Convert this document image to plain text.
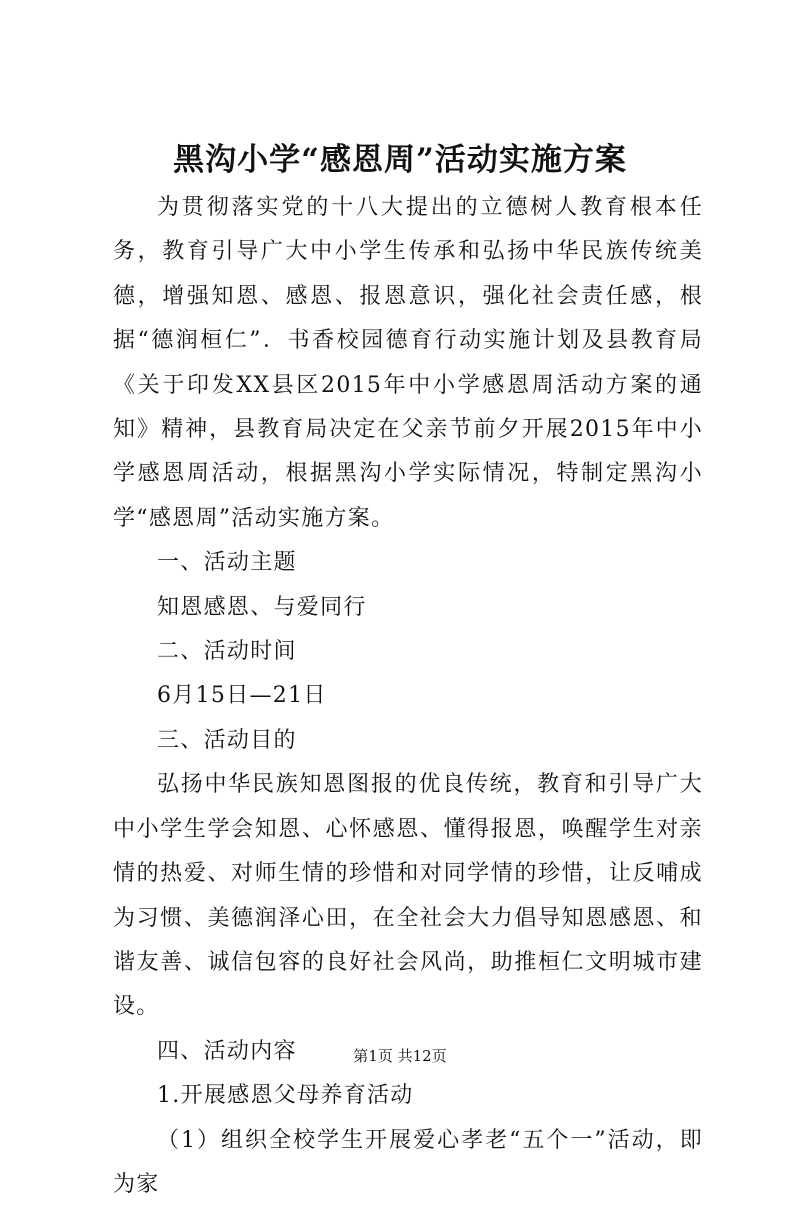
黑沟小学“感恩周”活动实施方案

为贯彻落实党的十八大提出的立德树人教育根本任务，教育引导广大中小学生传承和弘扬中华民族传统美德，增强知恩、感恩、报恩意识，强化社会责任感，根据“德润桓仁”．书香校园德育行动实施计划及县教育局《关于印发XX县区2015年中小学感恩周活动方案的通知》精神，县教育局决定在父亲节前夕开展2015年中小学感恩周活动，根据黑沟小学实际情况，特制定黑沟小学“感恩周”活动实施方案。

一、活动主题

知恩感恩、与爱同行

二、活动时间

6月15日—21日

三、活动目的

弘扬中华民族知恩图报的优良传统，教育和引导广大中小学生学会知恩、心怀感恩、懂得报恩，唤醒学生对亲情的热爱、对师生情的珍惜和对同学情的珍惜，让反哺成为习惯、美德润泽心田，在全社会大力倡导知恩感恩、和谐友善、诚信包容的良好社会风尚，助推桓仁文明城市建设。

四、活动内容

1.开展感恩父母养育活动

（1）组织全校学生开展爱心孝老“五个一”活动，即为家

第1页 共12页
